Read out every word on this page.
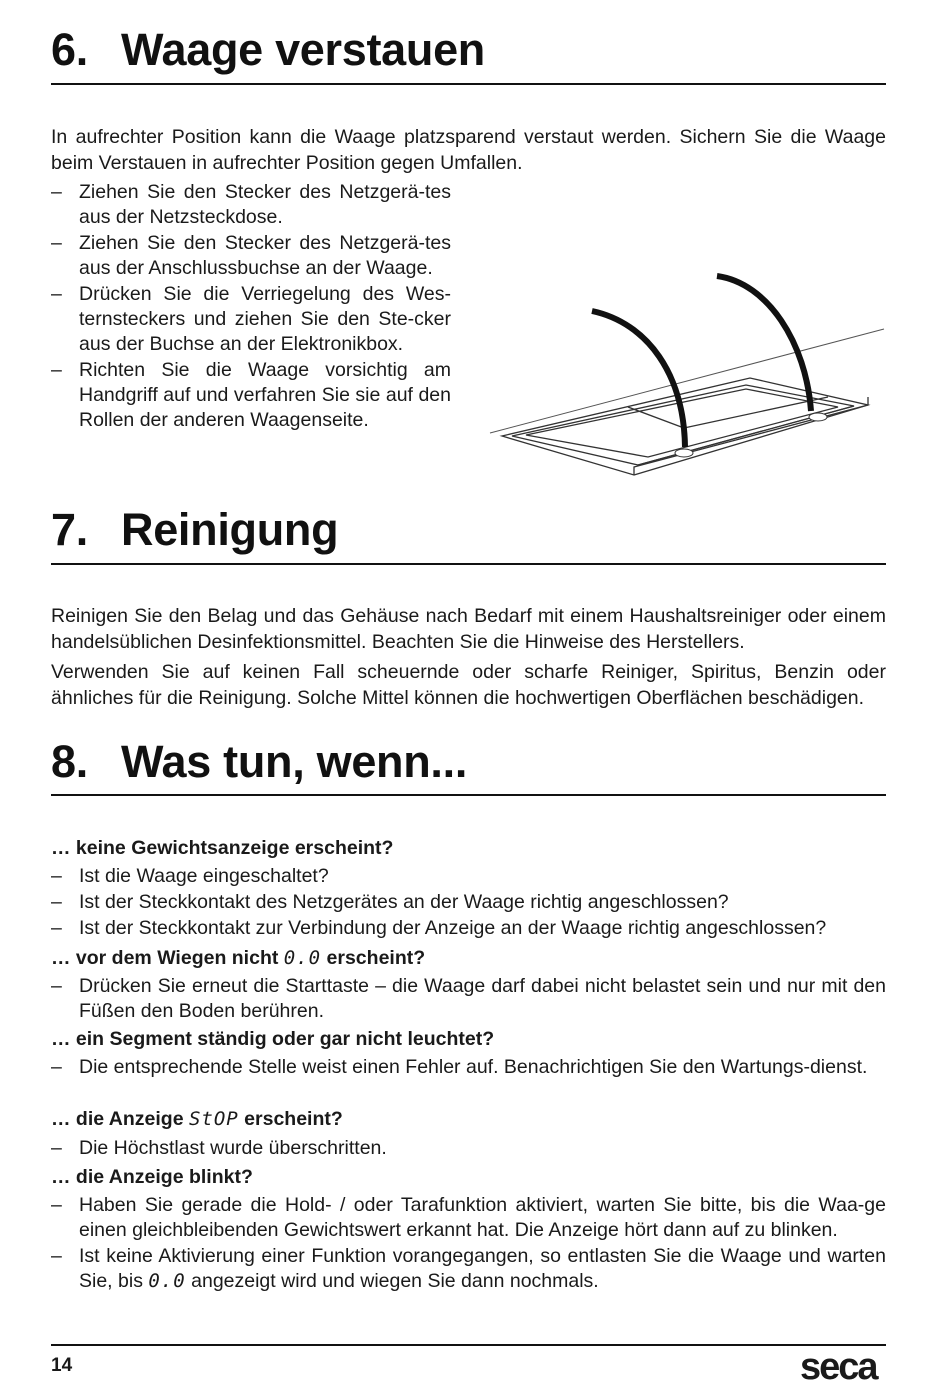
6. Waage verstauen
In aufrechter Position kann die Waage platzsparend verstaut werden. Sichern Sie die Waage beim Verstauen in aufrechter Position gegen Umfallen.
– Ziehen Sie den Stecker des Netzgerä-tes aus der Netzsteckdose.
– Ziehen Sie den Stecker des Netzgerä-tes aus der Anschlussbuchse an der Waage.
– Drücken Sie die Verriegelung des Wes-ternsteckers und ziehen Sie den Ste-cker aus der Buchse an der Elektronikbox.
– Richten Sie die Waage vorsichtig am Handgriff auf und verfahren Sie sie auf den Rollen der anderen Waagenseite.
7. Reinigung
Reinigen Sie den Belag und das Gehäuse nach Bedarf mit einem Haushaltsreiniger oder einem handelsüblichen Desinfektionsmittel. Beachten Sie die Hinweise des Herstellers.
Verwenden Sie auf keinen Fall scheuernde oder scharfe Reiniger, Spiritus, Benzin oder ähnliches für die Reinigung. Solche Mittel können die hochwertigen Oberflächen beschädigen.
8. Was tun, wenn...
… keine Gewichtsanzeige erscheint?
– Ist die Waage eingeschaltet?
– Ist der Steckkontakt des Netzgerätes an der Waage richtig angeschlossen?
– Ist der Steckkontakt zur Verbindung der Anzeige an der Waage richtig angeschlossen?
… vor dem Wiegen nicht 0.0 erscheint?
– Drücken Sie erneut die Starttaste – die Waage darf dabei nicht belastet sein und nur mit den Füßen den Boden berühren.
… ein Segment ständig oder gar nicht leuchtet?
– Die entsprechende Stelle weist einen Fehler auf. Benachrichtigen Sie den Wartungs-dienst.
… die Anzeige StOP erscheint?
– Die Höchstlast wurde überschritten.
… die Anzeige blinkt?
– Haben Sie gerade die Hold- / oder Tarafunktion aktiviert, warten Sie bitte, bis die Waa-ge einen gleichbleibenden Gewichtswert erkannt hat. Die Anzeige hört dann auf zu blinken.
– Ist keine Aktivierung einer Funktion vorangegangen, so entlasten Sie die Waage und warten Sie, bis 0.0 angezeigt wird und wiegen Sie dann nochmals.
14	seca
